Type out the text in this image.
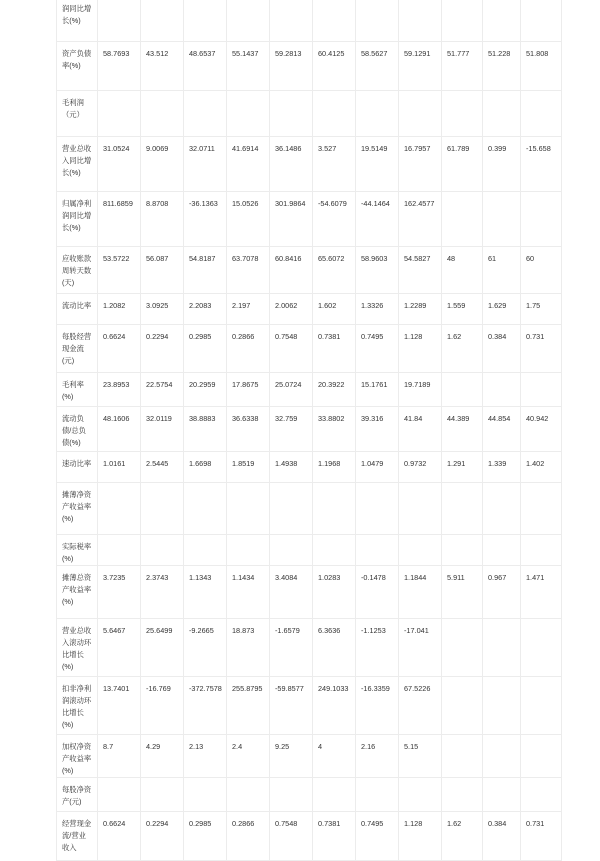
润同比增长(%)											
资产负债率(%)	58.7693	43.512	48.6537	55.1437	59.2813	60.4125	58.5627	59.1291	51.777	51.228	51.808
毛利润（元）											
营业总收入同比增长(%)	31.0524	9.0069	32.0711	41.6914	36.1486	3.527	19.5149	16.7957	61.789	0.399	-15.658
归属净利润同比增长(%)	811.6859	8.8708	-36.1363	15.0526	301.9864	-54.6079	-44.1464	162.4577			
应收账款周转天数(天)	53.5722	56.087	54.8187	63.7078	60.8416	65.6072	58.9603	54.5827	48	61	60
流动比率	1.2082	3.0925	2.2083	2.197	2.0062	1.602	1.3326	1.2289	1.559	1.629	1.75
每股经营现金流(元)	0.6624	0.2294	0.2985	0.2866	0.7548	0.7381	0.7495	1.128	1.62	0.384	0.731
毛利率(%)	23.8953	22.5754	20.2959	17.8675	25.0724	20.3922	15.1761	19.7189			
流动负债/总负债(%)	48.1606	32.0119	38.8883	36.6338	32.759	33.8802	39.316	41.84	44.389	44.854	40.942
速动比率	1.0161	2.5445	1.6698	1.8519	1.4938	1.1968	1.0479	0.9732	1.291	1.339	1.402
摊薄净资产收益率(%)											
实际税率(%)											
摊薄总资产收益率(%)	3.7235	2.3743	1.1343	1.1434	3.4084	1.0283	-0.1478	1.1844	5.911	0.967	1.471
营业总收入滚动环比增长(%)	5.6467	25.6499	-9.2665	18.873	-1.6579	6.3636	-1.1253	-17.041			
扣非净利润滚动环比增长(%)	13.7401	-16.769	-372.7578	255.8795	-59.8577	249.1033	-16.3359	67.5226			
加权净资产收益率(%)	8.7	4.29	2.13	2.4	9.25	4	2.16	5.15			
每股净资产(元)											
经营现金流/营业收入	0.6624	0.2294	0.2985	0.2866	0.7548	0.7381	0.7495	1.128	1.62	0.384	0.731
